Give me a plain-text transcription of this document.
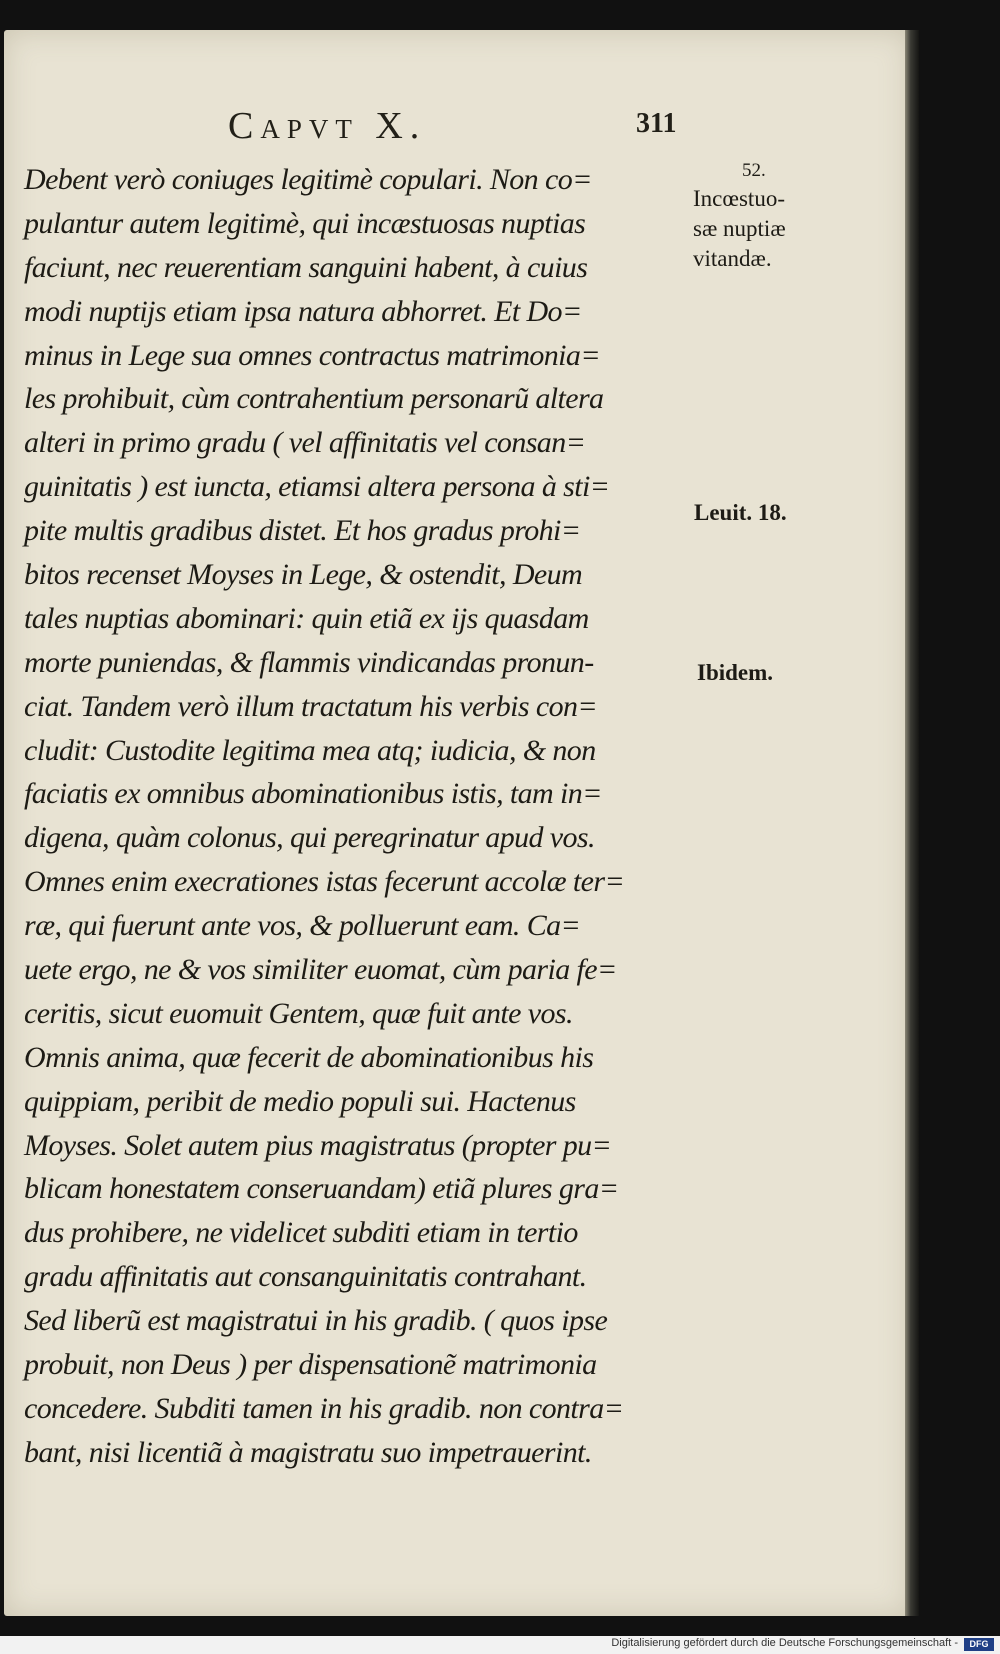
Capvt X.	311
Debent verò coniuges legitimè copulari. Non co=
pulantur autem legitimè, qui incæstuosas nuptias
faciunt, nec reuerentiam sanguini habent, à cuius
modi nuptijs etiam ipsa natura abhorret. Et Do=
minus in Lege sua omnes contractus matrimonia=
les prohibuit, cùm contrahentium personarũ altera
alteri in primo gradu ( vel affinitatis vel consan=
guinitatis ) est iuncta, etiamsi altera persona à sti=
pite multis gradibus distet. Et hos gradus prohi=
bitos recenset Moyses in Lege, & ostendit, Deum
tales nuptias abominari: quin etiã ex ijs quasdam
morte puniendas, & flammis vindicandas pronun-
ciat. Tandem verò illum tractatum his verbis con=
cludit: Custodite legitima mea atq; iudicia, & non
faciatis ex omnibus abominationibus istis, tam in=
digena, quàm colonus, qui peregrinatur apud vos.
Omnes enim execrationes istas fecerunt accolæ ter=
ræ, qui fuerunt ante vos, & polluerunt eam. Ca=
uete ergo, ne & vos similiter euomat, cùm paria fe=
ceritis, sicut euomuit Gentem, quæ fuit ante vos.
Omnis anima, quæ fecerit de abominationibus his
quippiam, peribit de medio populi sui. Hactenus
Moyses. Solet autem pius magistratus (propter pu=
blicam honestatem conseruandam) etiã plures gra=
dus prohibere, ne videlicet subditi etiam in tertio
gradu affinitatis aut consanguinitatis contrahant.
Sed liberũ est magistratui in his gradib. ( quos ipse
probuit, non Deus ) per dispensationẽ matrimonia
concedere. Subditi tamen in his gradib. non contra=
bant, nisi licentiã à magistratu suo impetrauerint.
52.
Incœstuo-
sæ nuptiæ
vitandæ.
Leuit. 18.
Ibidem.
Digitalisierung gefördert durch die Deutsche Forschungsgemeinschaft -	DFG
